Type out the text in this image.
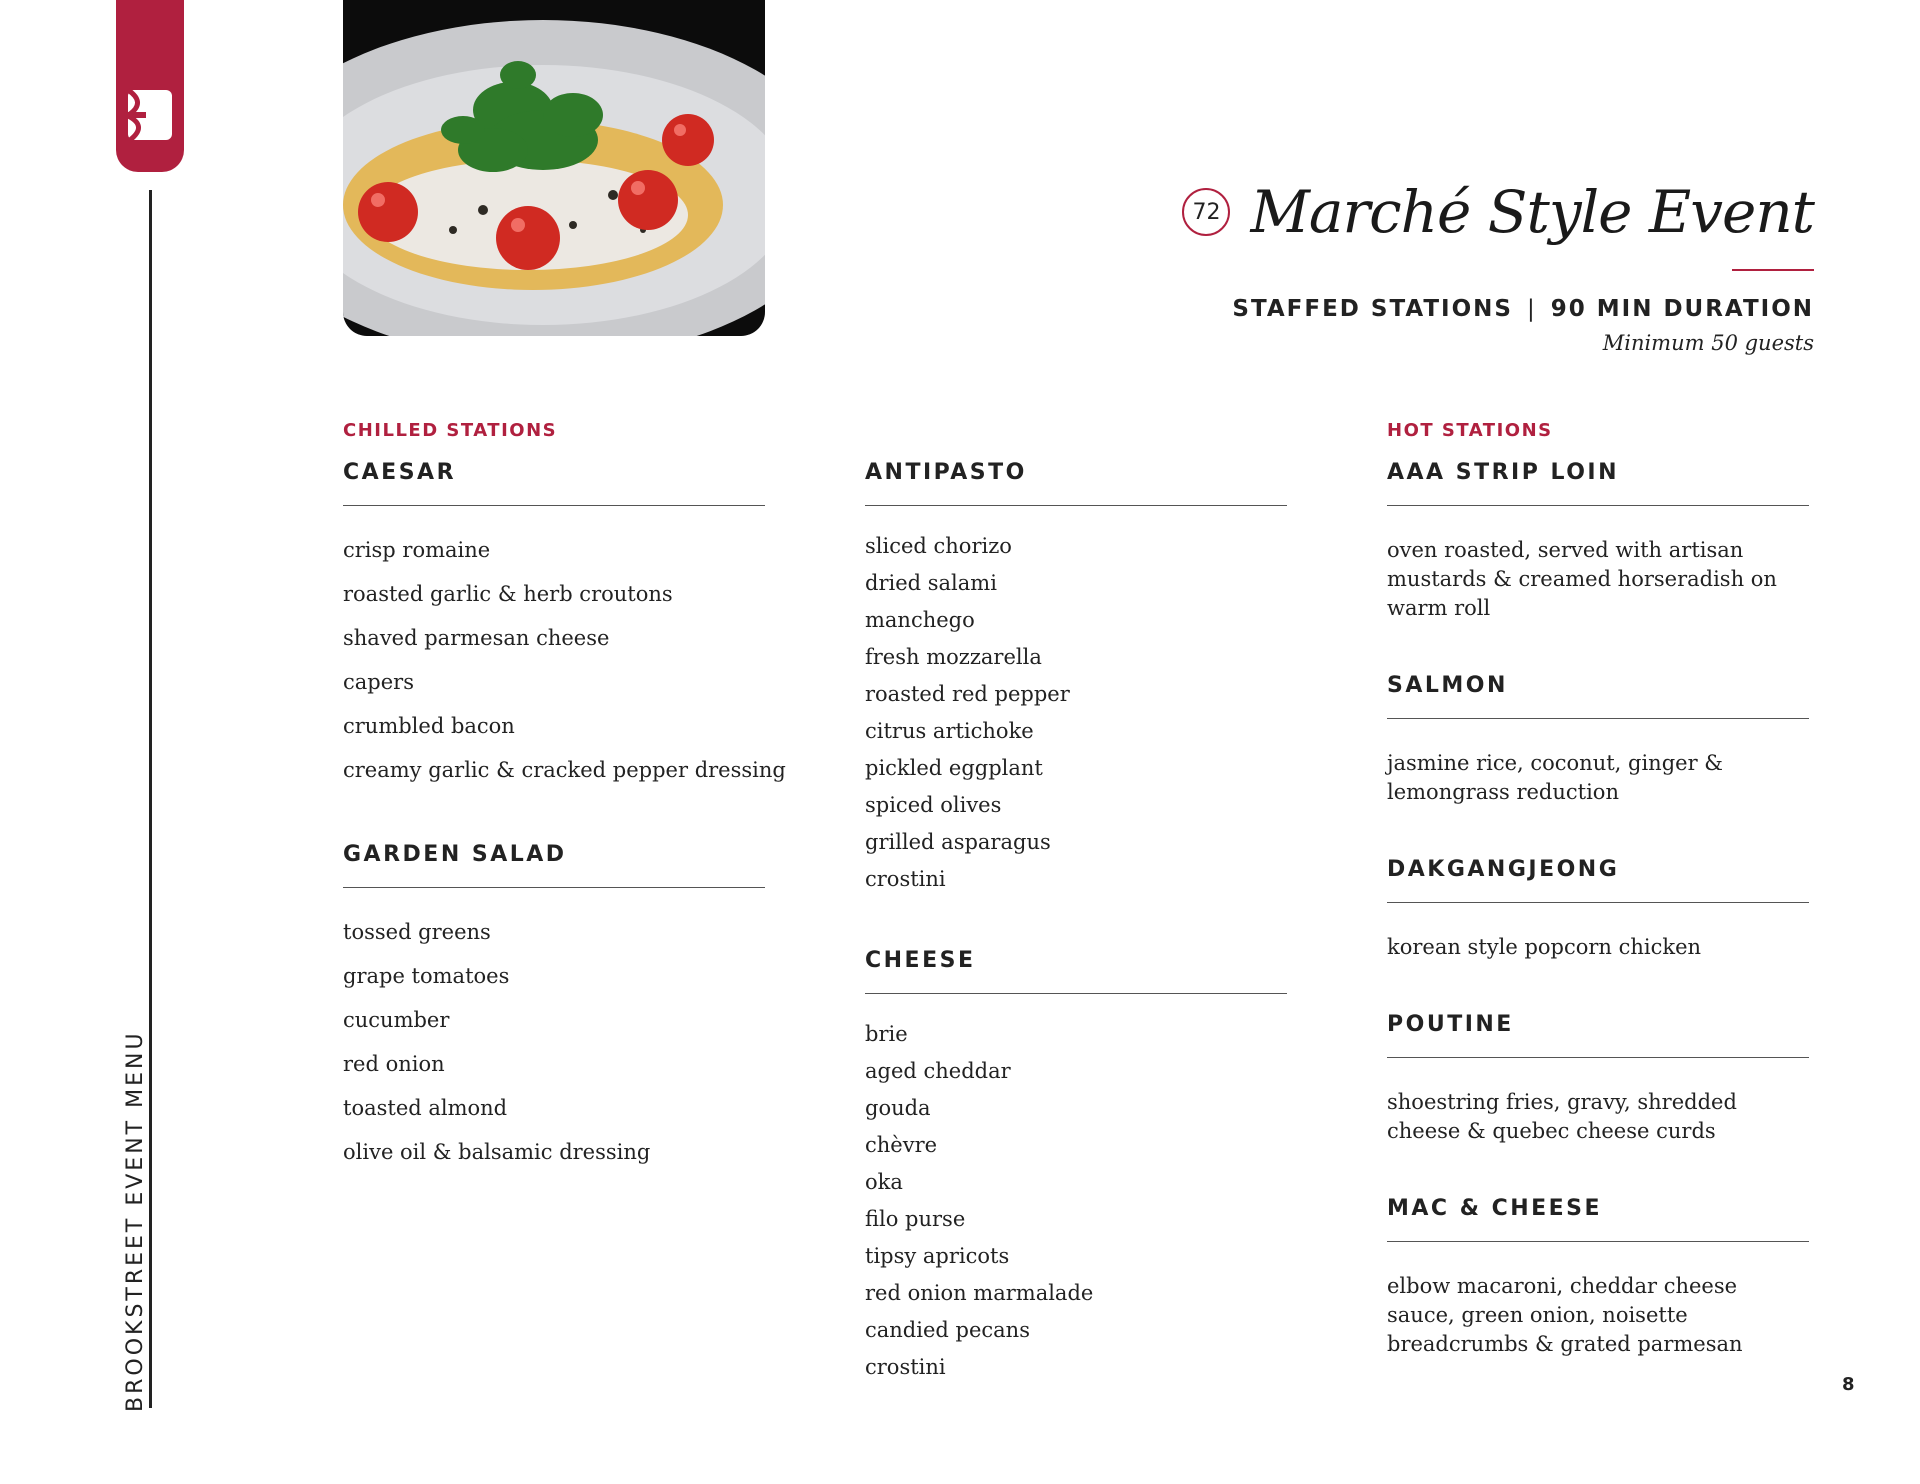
BROOKSTREET EVENT MENU
72 Marché Style Event
STAFFED STATIONS | 90 MIN DURATION
Minimum 50 guests
CHILLED STATIONS
CAESAR
crisp romaine
roasted garlic & herb croutons
shaved parmesan cheese
capers
crumbled bacon
creamy garlic & cracked pepper dressing
GARDEN SALAD
tossed greens
grape tomatoes
cucumber
red onion
toasted almond
olive oil & balsamic dressing
ANTIPASTO
sliced chorizo
dried salami
manchego
fresh mozzarella
roasted red pepper
citrus artichoke
pickled eggplant
spiced olives
grilled asparagus
crostini
CHEESE
brie
aged cheddar
gouda
chèvre
oka
filo purse
tipsy apricots
red onion marmalade
candied pecans
crostini
HOT STATIONS
AAA STRIP LOIN

oven roasted, served with artisan mustards & creamed horseradish on warm roll

SALMON

jasmine rice, coconut, ginger & lemongrass reduction

DAKGANGJEONG

korean style popcorn chicken

POUTINE

shoestring fries, gravy, shredded cheese & quebec cheese curds

MAC & CHEESE

elbow macaroni, cheddar cheese sauce, green onion, noisette breadcrumbs & grated parmesan

8
